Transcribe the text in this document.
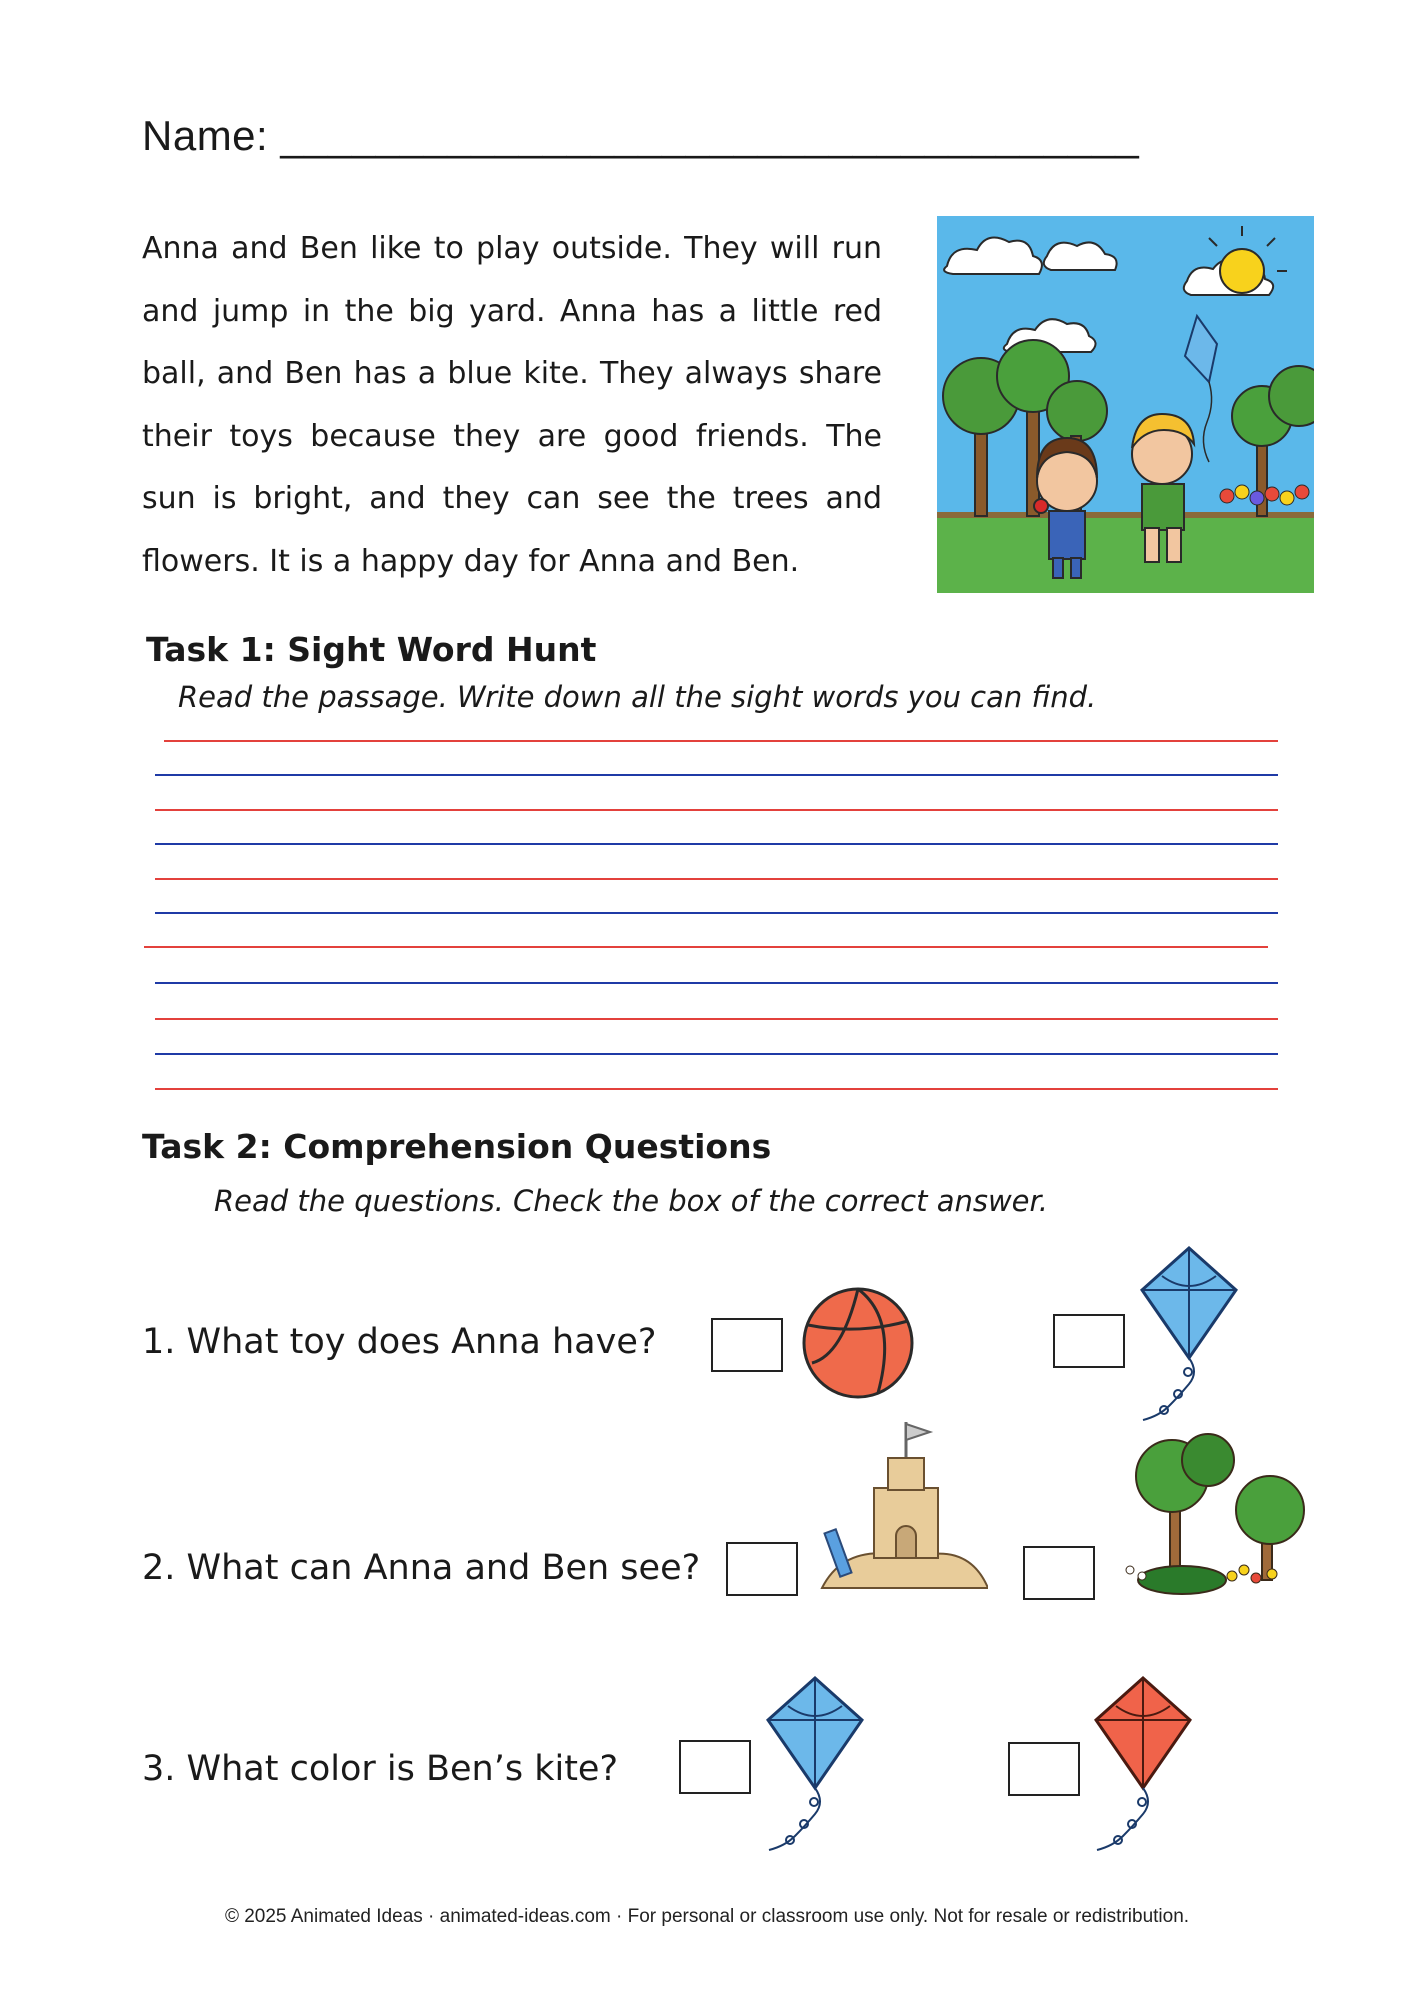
Name: ____________________________________
Anna and Ben like to play outside. They will run and jump in the big yard. Anna has a little red ball, and Ben has a blue kite. They always share their toys because they are good friends. The sun is bright, and they can see the trees and flowers. It is a happy day for Anna and Ben.
Task 1: Sight Word Hunt
Read the passage. Write down all the sight words you can find.
Task 2: Comprehension Questions
Read the questions. Check the box of the correct answer.
1. What toy does Anna have?
2. What can Anna and Ben see?
3. What color is Ben’s kite?
© 2025 Animated Ideas · animated-ideas.com · For personal or classroom use only. Not for resale or redistribution.
